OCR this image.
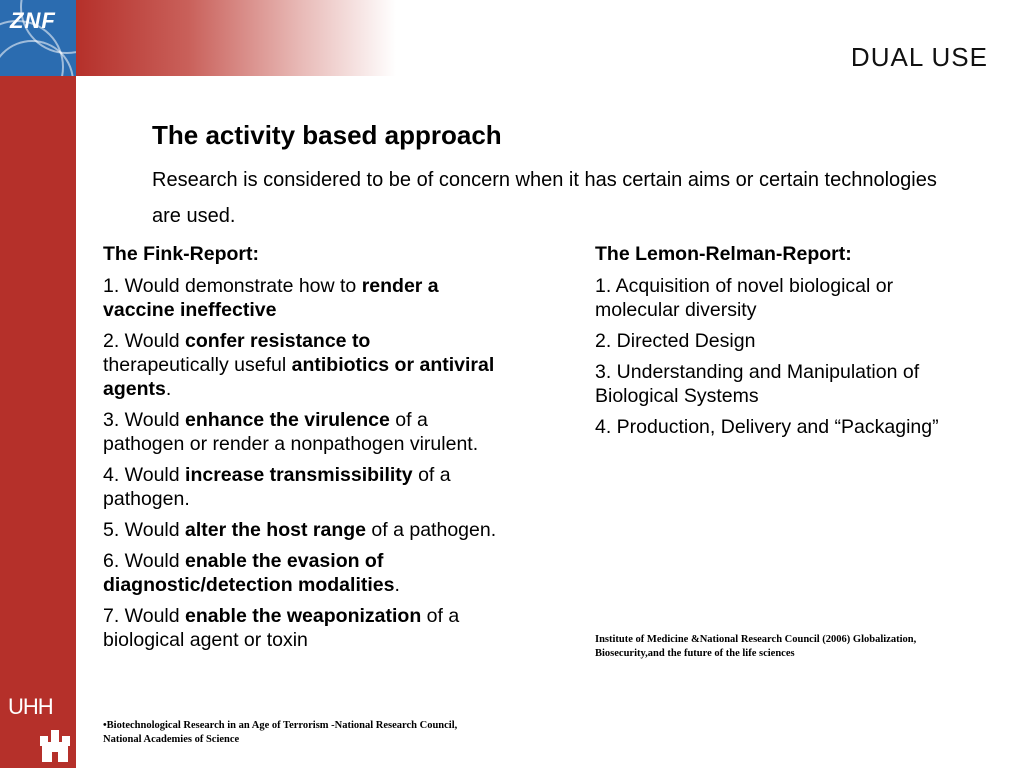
ZNF
UHH
DUAL USE
The activity based approach
Research is considered to be of concern when it has certain aims or certain technologies are used.

The Fink-Report:

1. Would demonstrate how to render a vaccine ineffective

2. Would confer resistance to therapeutically useful antibiotics or antiviral agents.

3. Would enhance the virulence of a pathogen or render a nonpathogen virulent.

4. Would increase transmissibility of a pathogen.

5. Would alter the host range of a pathogen.

6. Would enable the evasion of diagnostic/detection modalities.

7. Would enable the weaponization of a biological agent or toxin

The Lemon-Relman-Report:

1. Acquisition of novel biological or molecular diversity

2. Directed Design

3. Understanding and Manipulation of Biological Systems

4. Production, Delivery and “Packaging”

•Biotechnological Research in an Age of Terrorism -National Research Council, National Academies of Science
Institute of Medicine &National Research Council (2006) Globalization, Biosecurity,and the future of the life sciences
